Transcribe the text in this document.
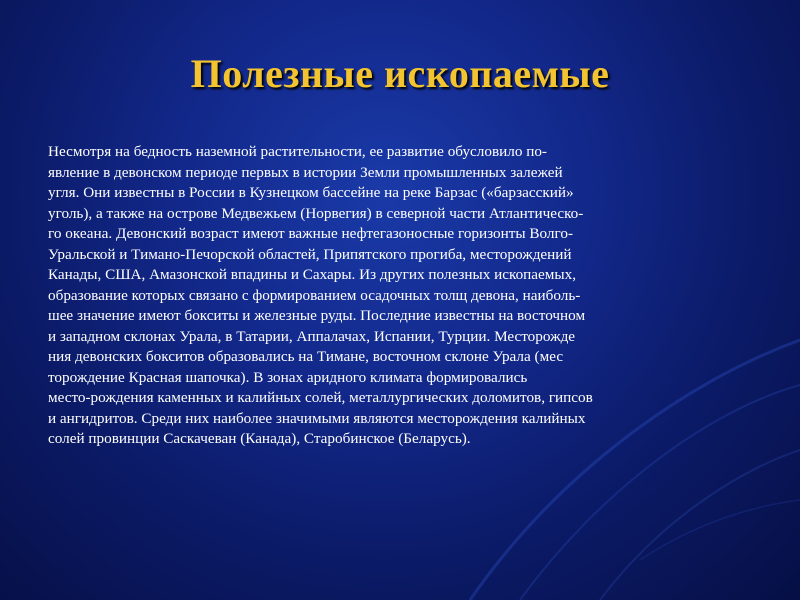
Полезные ископаемые

Несмотря на бедность наземной растительности, ее развитие обусловило по-
явление в девонском периоде первых в истории Земли промышленных залежей
угля. Они известны в России в Кузнецком бассейне на реке Барзас («барзасский»
уголь), а также на острове Медвежьем (Норвегия) в северной части Атлантическо-
го океана. Девонский возраст имеют важные нефтегазоносные горизонты Волго-
Уральской и Тимано-Печорской областей, Припятского прогиба, месторождений
Канады, США, Амазонской впадины и Сахары. Из других полезных ископаемых,
образование которых связано с формированием осадочных толщ девона, наиболь-
шее значение имеют бокситы и железные руды. Последние известны на восточном
и западном склонах Урала, в Татарии, Аппалачах, Испании, Турции. Месторожде
ния девонских бокситов образовались на Тимане, восточном склоне Урала (мес
торождение Красная шапочка). В зонах аридного климата формировались
место-рождения каменных и калийных солей, металлургических доломитов, гипсов
и ангидритов. Среди них наиболее значимыми являются месторождения калийных
солей провинции Саскачеван (Канада), Старобинское (Беларусь).
